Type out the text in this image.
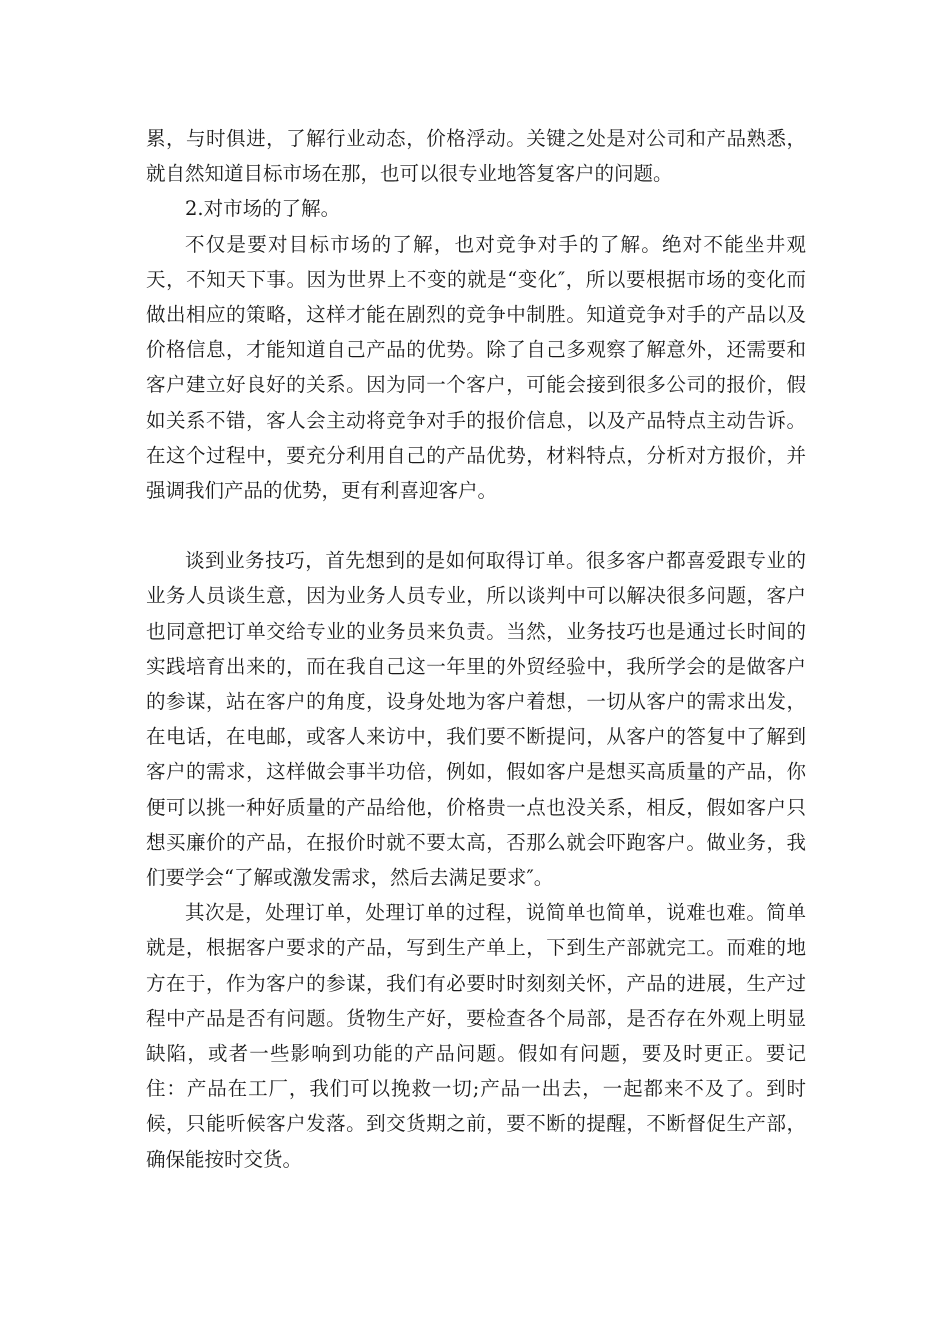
累，与时俱进，了解行业动态，价格浮动。关键之处是对公司和产品熟悉，就自然知道目标市场在那，也可以很专业地答复客户的问题。

2.对市场的了解。

不仅是要对目标市场的了解，也对竞争对手的了解。绝对不能坐井观天，不知天下事。因为世界上不变的就是“变化″，所以要根据市场的变化而做出相应的策略，这样才能在剧烈的竞争中制胜。知道竞争对手的产品以及价格信息，才能知道自己产品的优势。除了自己多观察了解意外，还需要和客户建立好良好的关系。因为同一个客户，可能会接到很多公司的报价，假如关系不错，客人会主动将竞争对手的报价信息，以及产品特点主动告诉。在这个过程中，要充分利用自己的产品优势，材料特点，分析对方报价，并强调我们产品的优势，更有利喜迎客户。

谈到业务技巧，首先想到的是如何取得订单。很多客户都喜爱跟专业的业务人员谈生意，因为业务人员专业，所以谈判中可以解决很多问题，客户也同意把订单交给专业的业务员来负责。当然，业务技巧也是通过长时间的实践培育出来的，而在我自己这一年里的外贸经验中，我所学会的是做客户的参谋，站在客户的角度，设身处地为客户着想，一切从客户的需求出发，在电话，在电邮，或客人来访中，我们要不断提问，从客户的答复中了解到客户的需求，这样做会事半功倍，例如，假如客户是想买高质量的产品，你便可以挑一种好质量的产品给他，价格贵一点也没关系，相反，假如客户只想买廉价的产品，在报价时就不要太高，否那么就会吓跑客户。做业务，我们要学会“了解或激发需求，然后去满足要求″。

其次是，处理订单，处理订单的过程，说简单也简单，说难也难。简单就是，根据客户要求的产品，写到生产单上，下到生产部就完工。而难的地方在于，作为客户的参谋，我们有必要时时刻刻关怀，产品的进展，生产过程中产品是否有问题。货物生产好，要检查各个局部，是否存在外观上明显缺陷，或者一些影响到功能的产品问题。假如有问题，要及时更正。要记住：产品在工厂，我们可以挽救一切;产品一出去，一起都来不及了。到时候，只能听候客户发落。到交货期之前，要不断的提醒，不断督促生产部，确保能按时交货。
